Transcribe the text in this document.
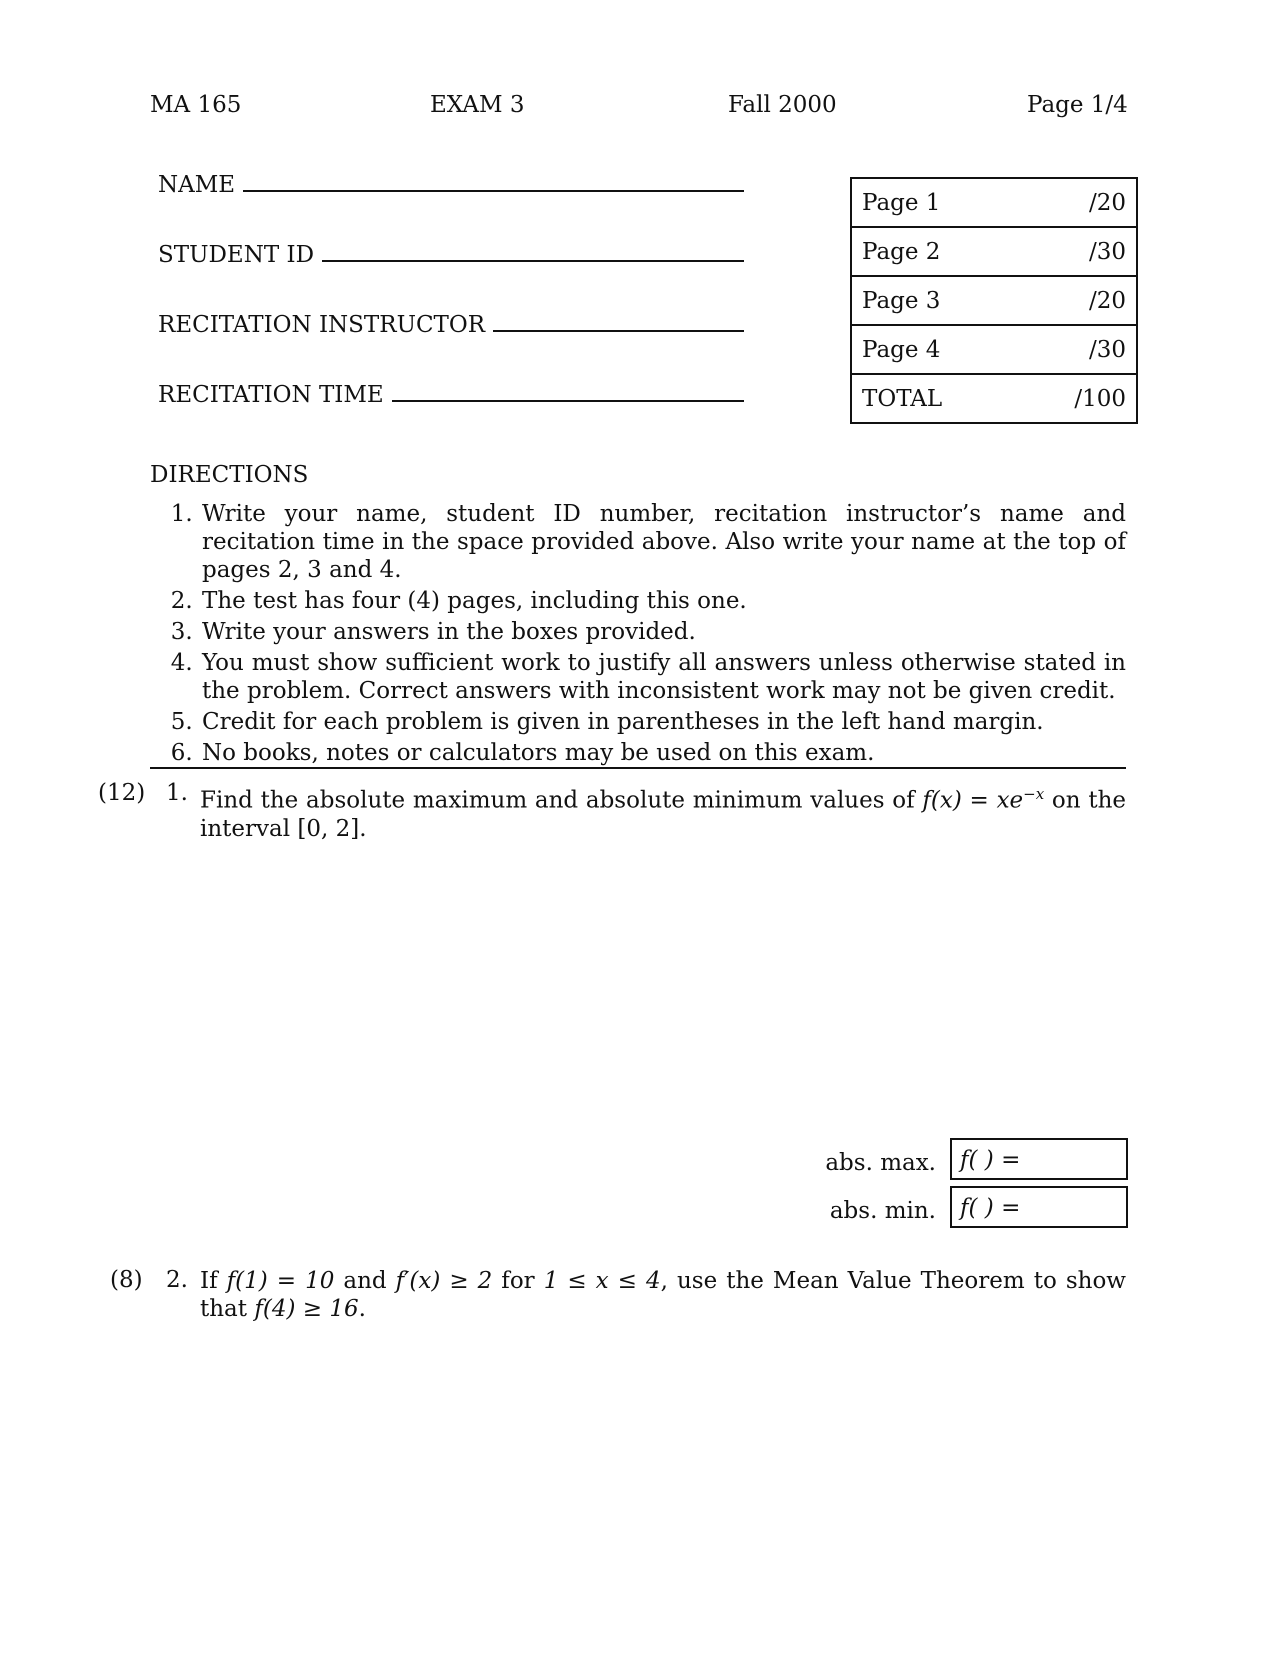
MA 165	EXAM 3	Fall 2000	Page 1/4
NAME
STUDENT ID
RECITATION INSTRUCTOR
RECITATION TIME
Page 1	/20
Page 2	/30
Page 3	/20
Page 4	/30
TOTAL	/100
DIRECTIONS
1. Write your name, student ID number, recitation instructor’s name and recitation time in the space provided above. Also write your name at the top of pages 2, 3 and 4.
2. The test has four (4) pages, including this one.
3. Write your answers in the boxes provided.
4. You must show sufficient work to justify all answers unless otherwise stated in the problem. Correct answers with inconsistent work may not be given credit.
5. Credit for each problem is given in parentheses in the left hand margin.
6. No books, notes or calculators may be used on this exam.
(12) 1. Find the absolute maximum and absolute minimum values of $f(x) = xe^{-x}$ on the interval [0, 2].
abs. max.	f( ) =
abs. min.	f( ) =
(8) 2. If f(1) = 10 and f′(x) ≥ 2 for 1 ≤ x ≤ 4, use the Mean Value Theorem to show that f(4) ≥ 16.
